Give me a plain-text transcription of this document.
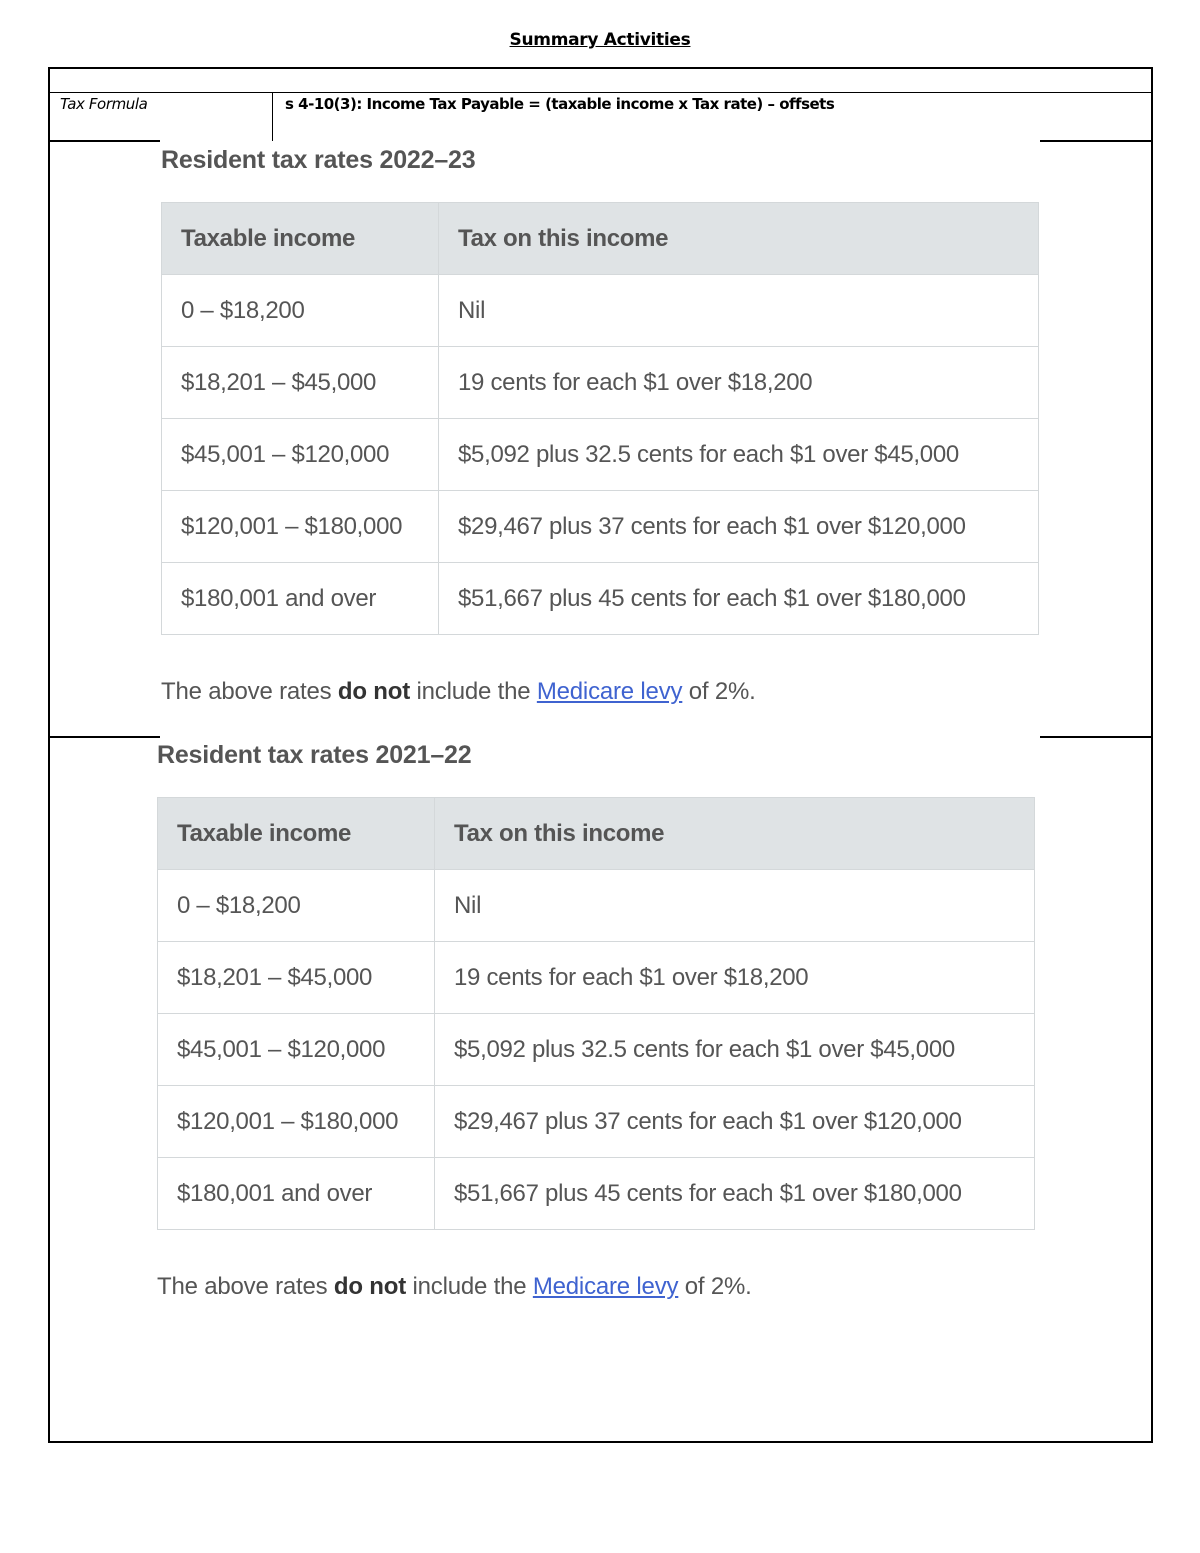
Summary Activities
Tax Formula	s 4-10(3): Income Tax Payable = (taxable income x Tax rate) – offsets
Resident tax rates 2022–23
Taxable income	Tax on this income
0 – $18,200	Nil
$18,201 – $45,000	19 cents for each $1 over $18,200
$45,001 – $120,000	$5,092 plus 32.5 cents for each $1 over $45,000
$120,001 – $180,000	$29,467 plus 37 cents for each $1 over $120,000
$180,001 and over	$51,667 plus 45 cents for each $1 over $180,000
The above rates do not include the Medicare levy of 2%.
Resident tax rates 2021–22
Taxable income	Tax on this income
0 – $18,200	Nil
$18,201 – $45,000	19 cents for each $1 over $18,200
$45,001 – $120,000	$5,092 plus 32.5 cents for each $1 over $45,000
$120,001 – $180,000	$29,467 plus 37 cents for each $1 over $120,000
$180,001 and over	$51,667 plus 45 cents for each $1 over $180,000
The above rates do not include the Medicare levy of 2%.
